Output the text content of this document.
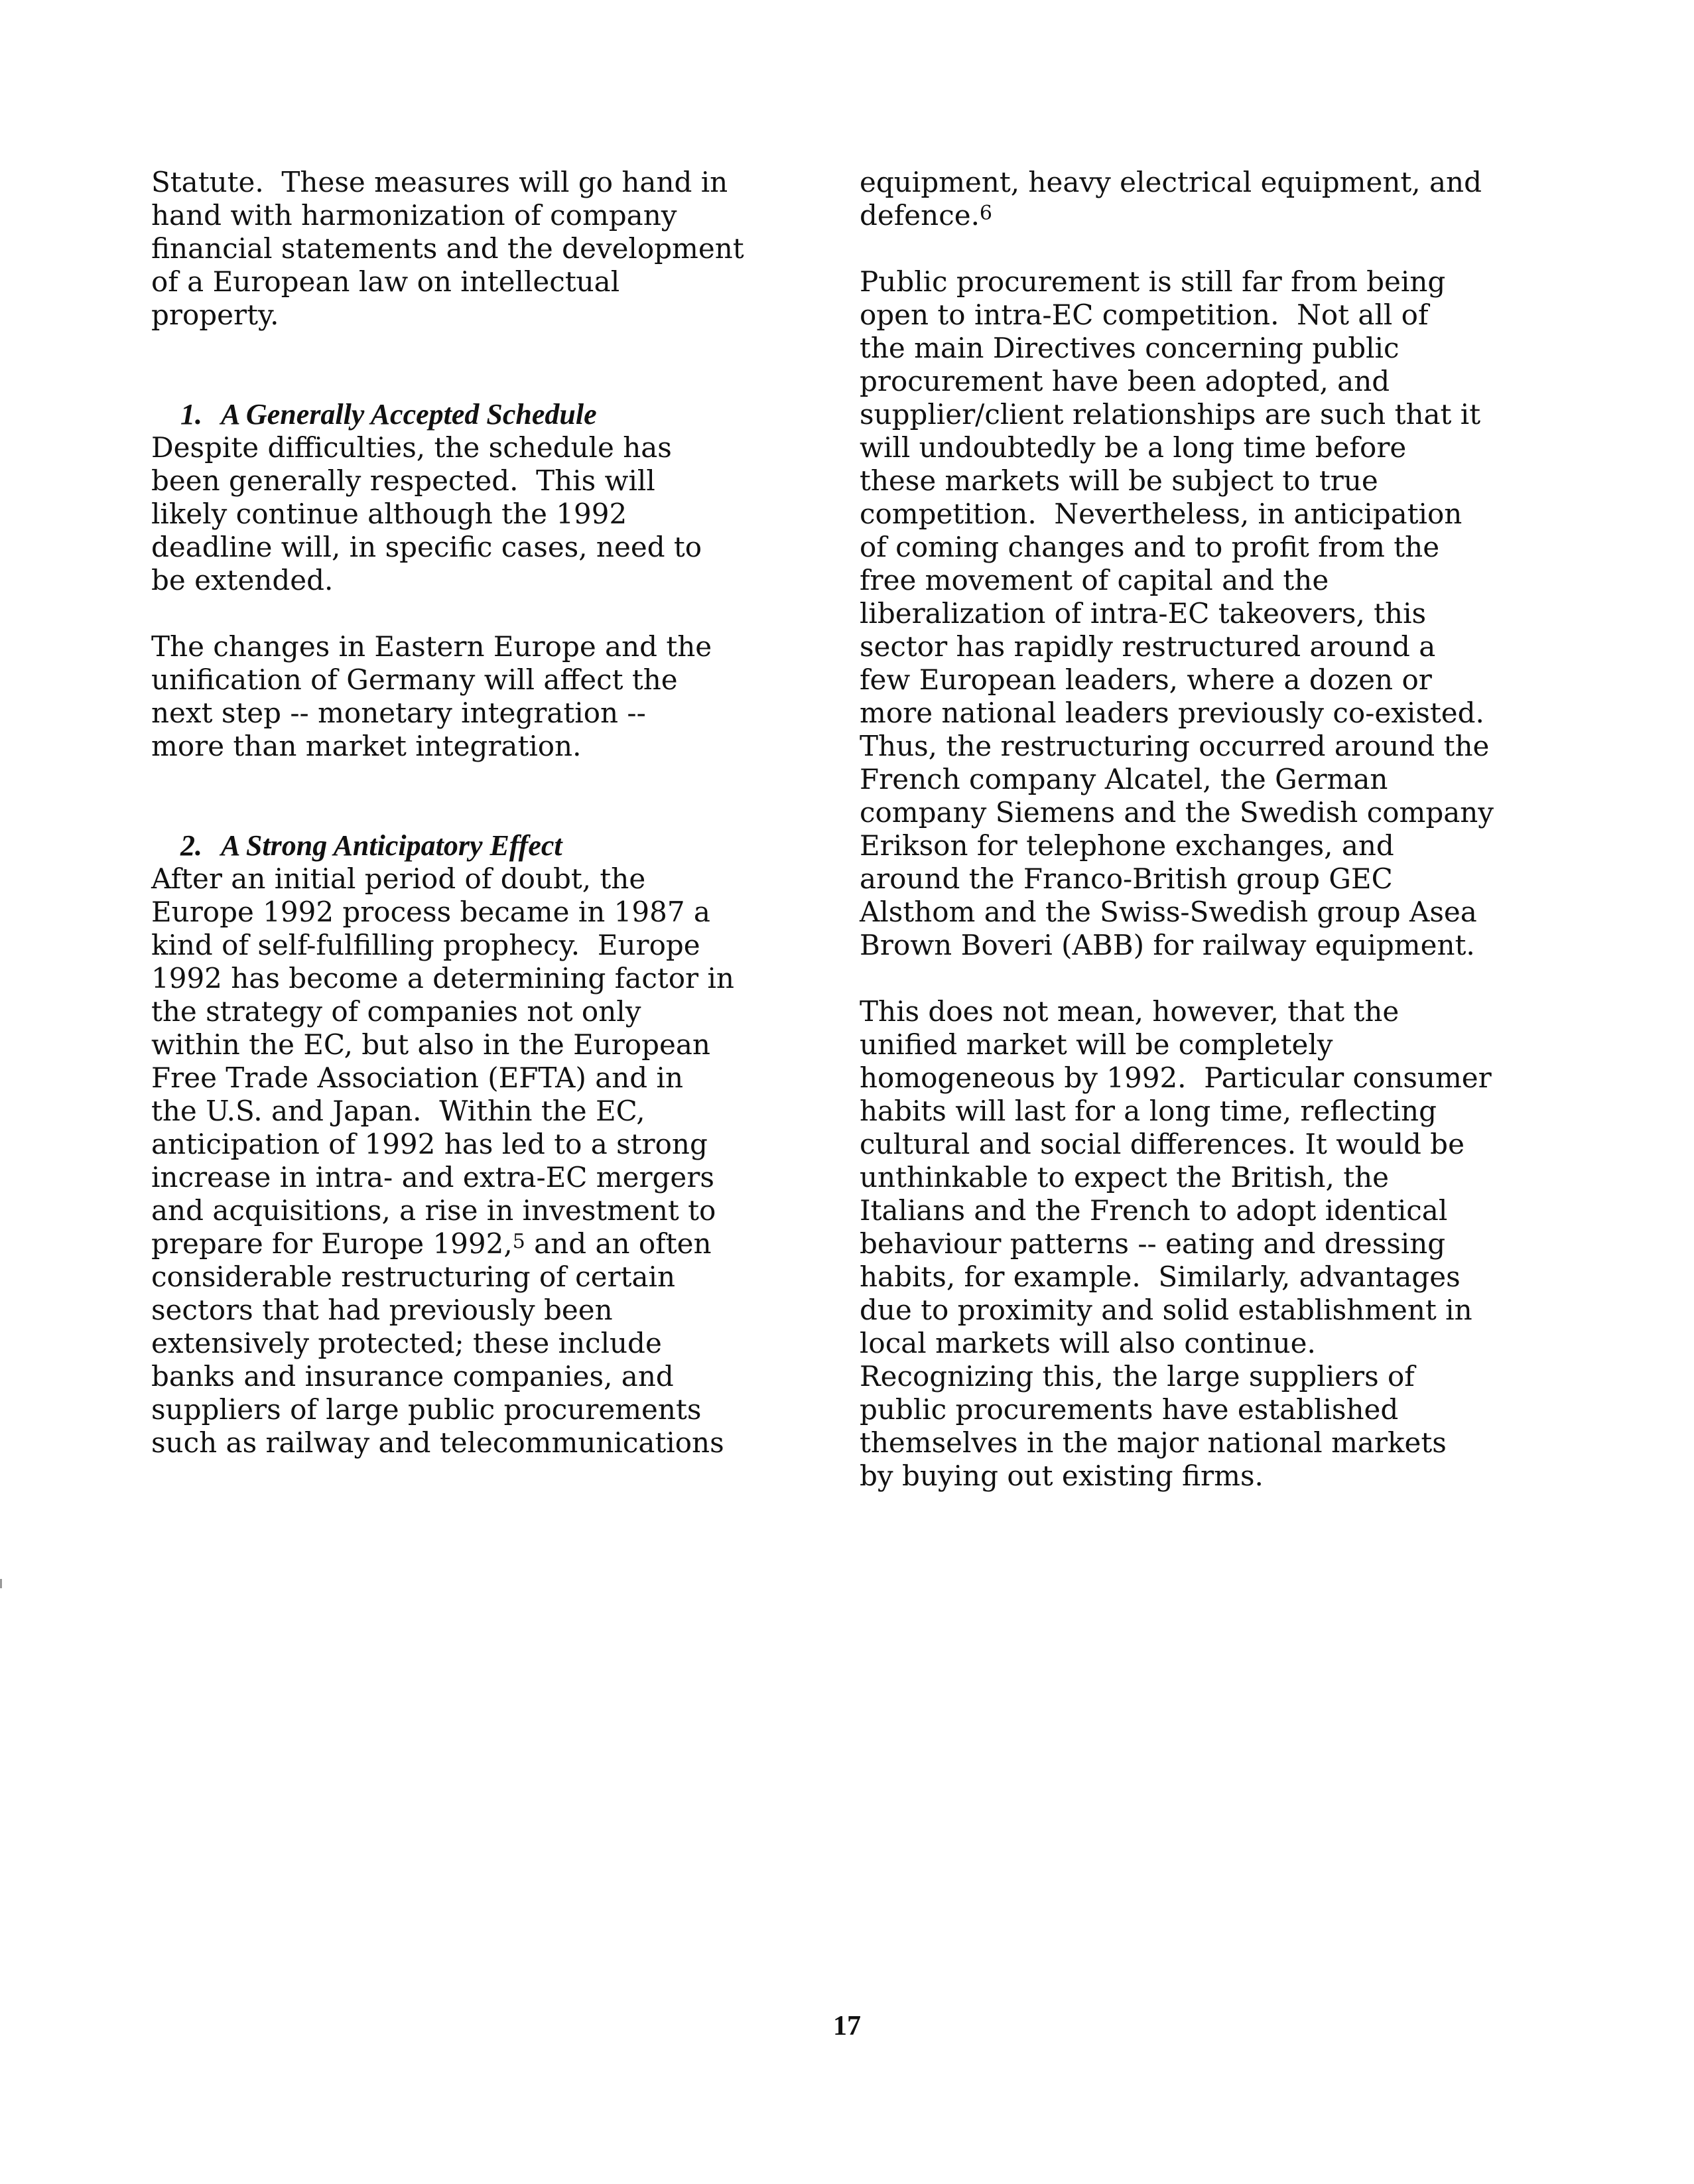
Statute.  These measures will go hand in
hand with harmonization of company
financial statements and the development
of a European law on intellectual
property.

1. A Generally Accepted Schedule

Despite difficulties, the schedule has
been generally respected.  This will
likely continue although the 1992
deadline will, in specific cases, need to
be extended.
The changes in Eastern Europe and the
unification of Germany will affect the
next step -- monetary integration --
more than market integration.

2. A Strong Anticipatory Effect

After an initial period of doubt, the
Europe 1992 process became in 1987 a
kind of self-fulfilling prophecy.  Europe
1992 has become a determining factor in
the strategy of companies not only
within the EC, but also in the European
Free Trade Association (EFTA) and in
the U.S. and Japan.  Within the EC,
anticipation of 1992 has led to a strong
increase in intra- and extra-EC mergers
and acquisitions, a rise in investment to
prepare for Europe 1992,$^5$ and an often
considerable restructuring of certain
sectors that had previously been
extensively protected; these include
banks and insurance companies, and
suppliers of large public procurements
such as railway and telecommunications
equipment, heavy electrical equipment, and
defence.$^6$
Public procurement is still far from being
open to intra-EC competition.  Not all of
the main Directives concerning public
procurement have been adopted, and
supplier/client relationships are such that it
will undoubtedly be a long time before
these markets will be subject to true
competition.  Nevertheless, in anticipation
of coming changes and to profit from the
free movement of capital and the
liberalization of intra-EC takeovers, this
sector has rapidly restructured around a
few European leaders, where a dozen or
more national leaders previously co-existed.
Thus, the restructuring occurred around the
French company Alcatel, the German
company Siemens and the Swedish company
Erikson for telephone exchanges, and
around the Franco-British group GEC
Alsthom and the Swiss-Swedish group Asea
Brown Boveri (ABB) for railway equipment.
This does not mean, however, that the
unified market will be completely
homogeneous by 1992.  Particular consumer
habits will last for a long time, reflecting
cultural and social differences. It would be
unthinkable to expect the British, the
Italians and the French to adopt identical
behaviour patterns -- eating and dressing
habits, for example.  Similarly, advantages
due to proximity and solid establishment in
local markets will also continue.
Recognizing this, the large suppliers of
public procurements have established
themselves in the major national markets
by buying out existing firms.
17
